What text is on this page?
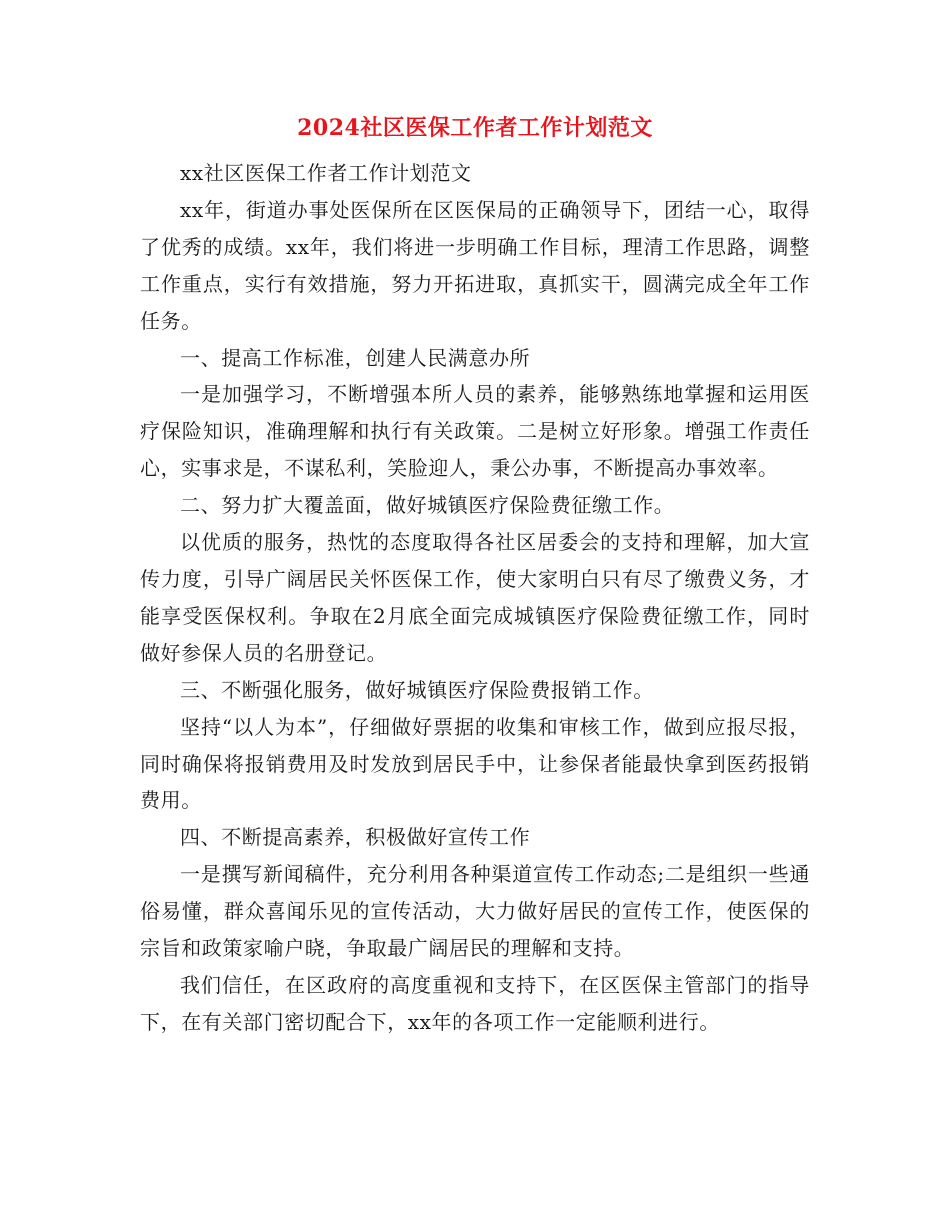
2024社区医保工作者工作计划范文

xx社区医保工作者工作计划范文

xx年，街道办事处医保所在区医保局的正确领导下，团结一心，取得了优秀的成绩。xx年，我们将进一步明确工作目标，理清工作思路，调整工作重点，实行有效措施，努力开拓进取，真抓实干，圆满完成全年工作任务。

一、提高工作标准，创建人民满意办所

一是加强学习，不断增强本所人员的素养，能够熟练地掌握和运用医疗保险知识，准确理解和执行有关政策。二是树立好形象。增强工作责任心，实事求是，不谋私利，笑脸迎人，秉公办事，不断提高办事效率。

二、努力扩大覆盖面，做好城镇医疗保险费征缴工作。

以优质的服务，热忱的态度取得各社区居委会的支持和理解，加大宣传力度，引导广阔居民关怀医保工作，使大家明白只有尽了缴费义务，才能享受医保权利。争取在2月底全面完成城镇医疗保险费征缴工作，同时做好参保人员的名册登记。

三、不断强化服务，做好城镇医疗保险费报销工作。

坚持“以人为本”，仔细做好票据的收集和审核工作，做到应报尽报，同时确保将报销费用及时发放到居民手中，让参保者能最快拿到医药报销费用。

四、不断提高素养，积极做好宣传工作

一是撰写新闻稿件，充分利用各种渠道宣传工作动态;二是组织一些通俗易懂，群众喜闻乐见的宣传活动，大力做好居民的宣传工作，使医保的宗旨和政策家喻户晓，争取最广阔居民的理解和支持。

我们信任，在区政府的高度重视和支持下，在区医保主管部门的指导下，在有关部门密切配合下，xx年的各项工作一定能顺利进行。
